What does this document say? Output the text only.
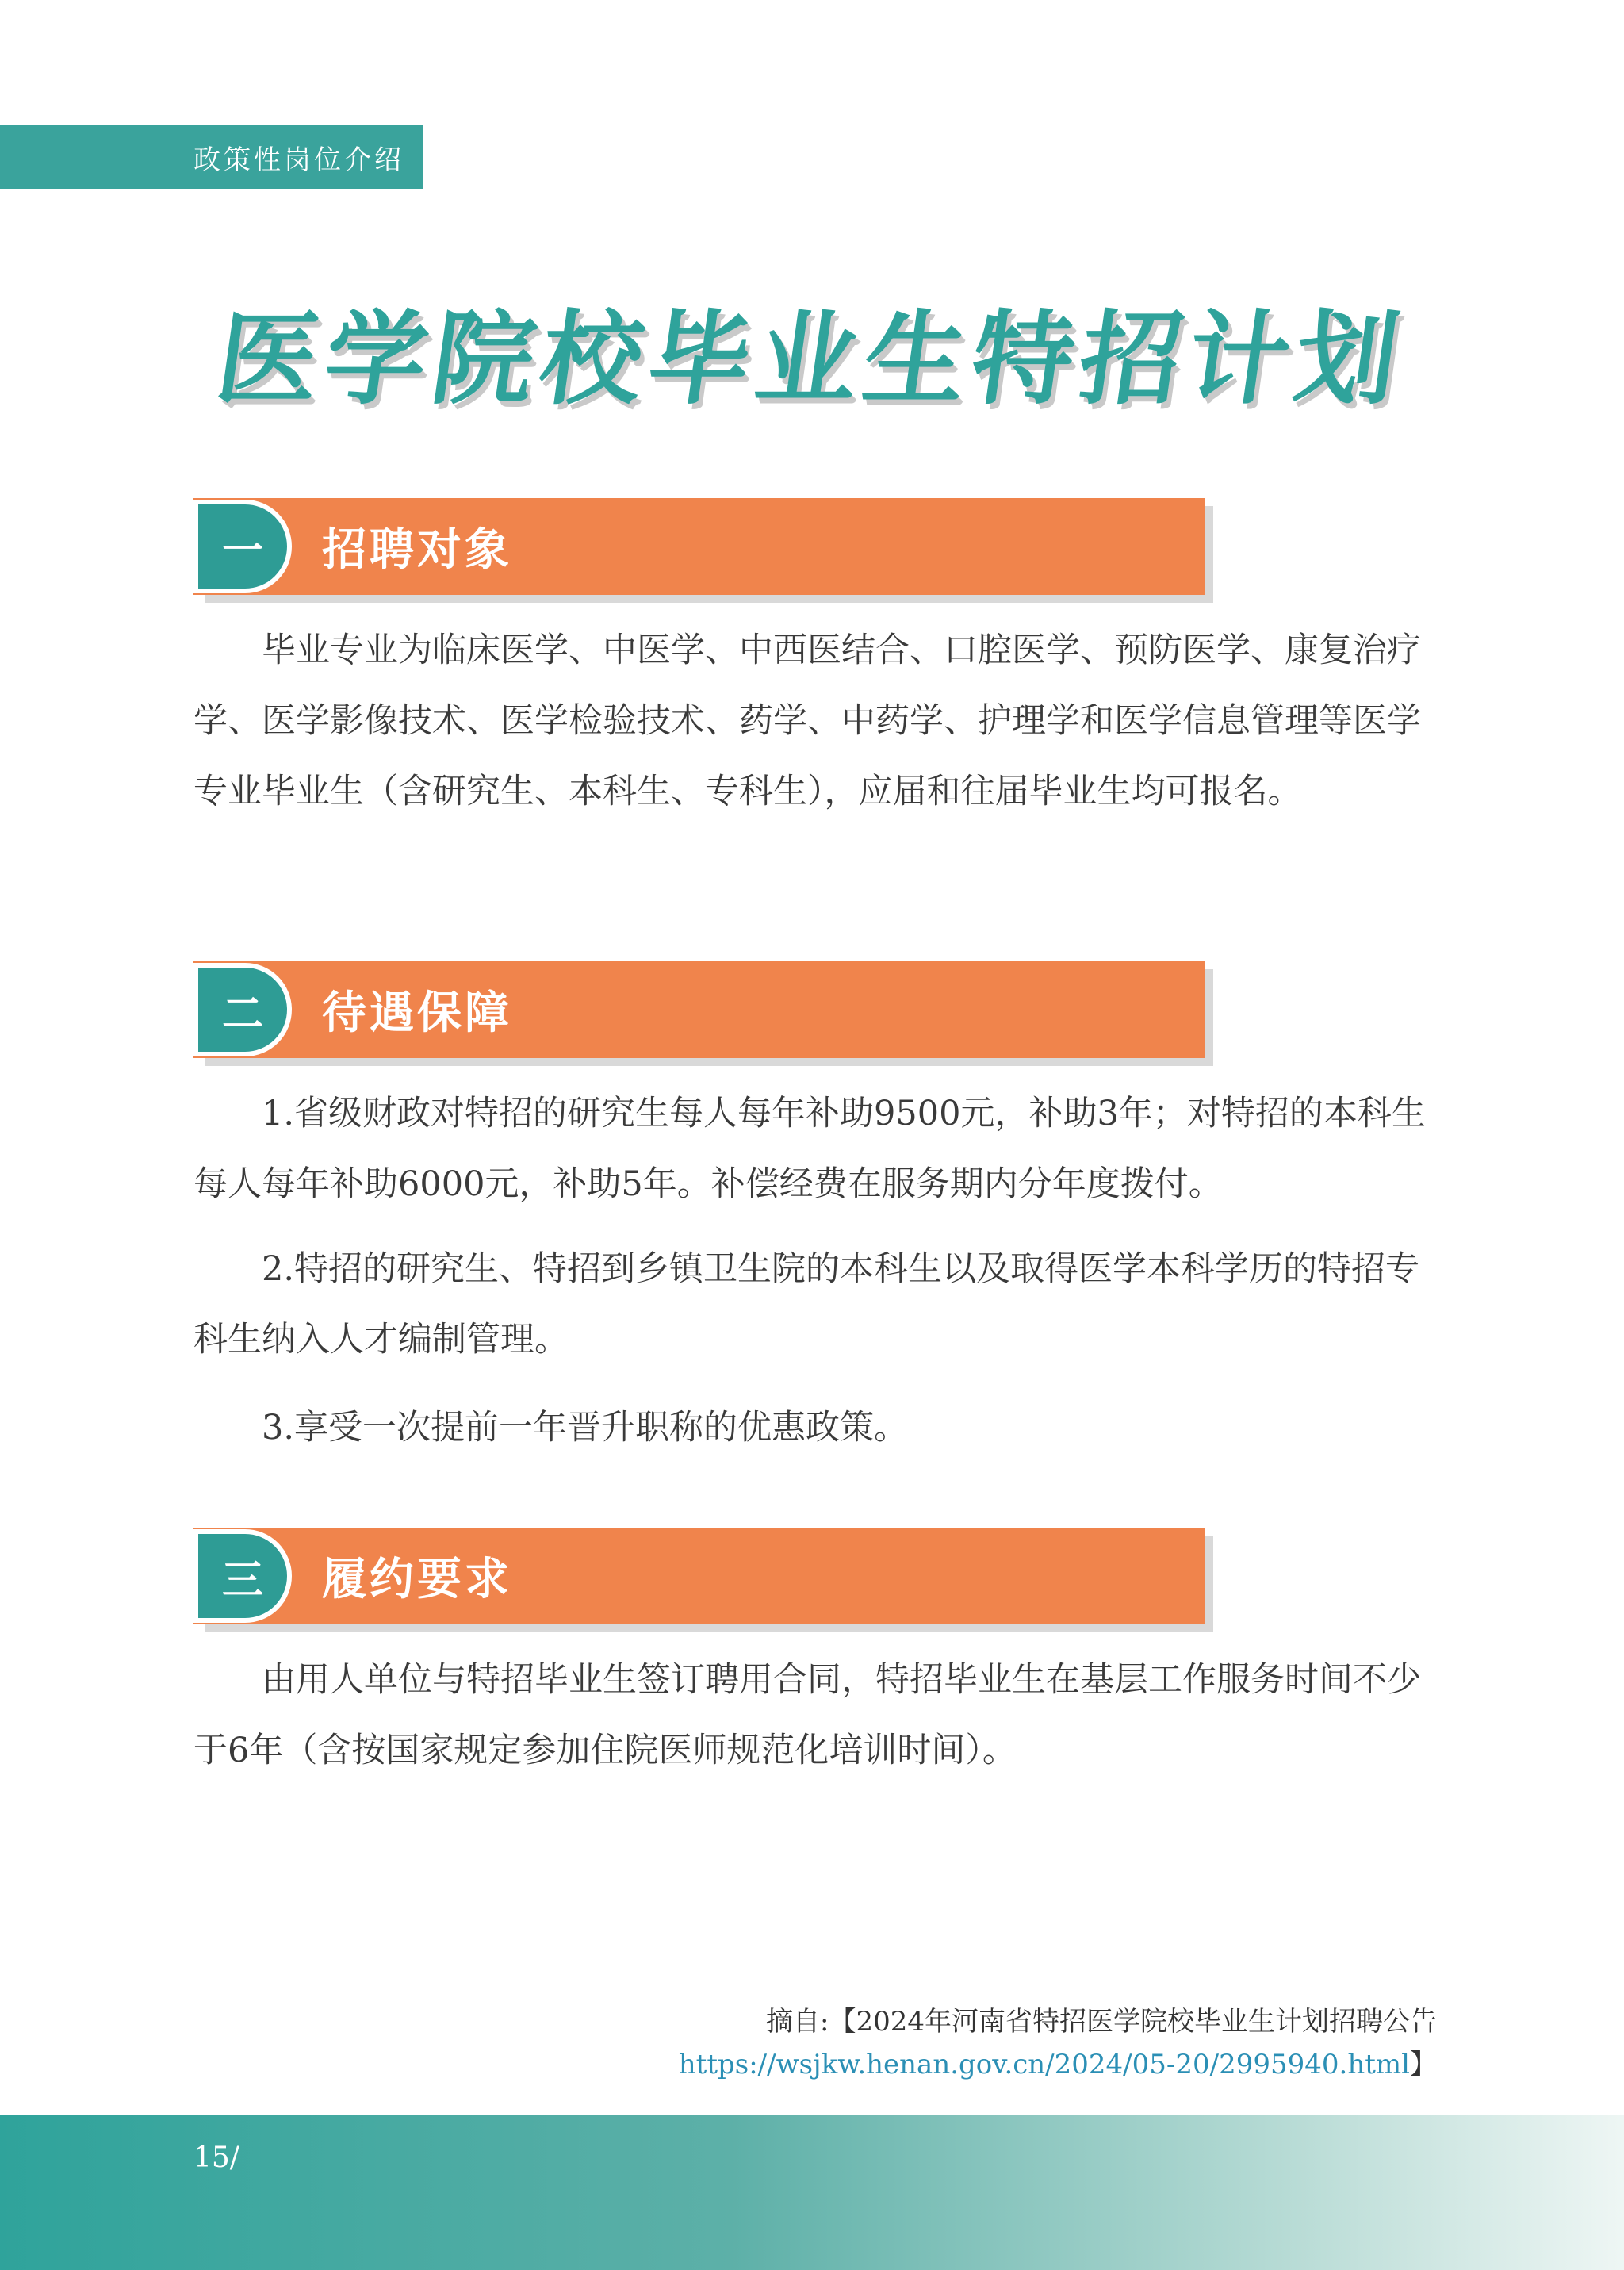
政策性岗位介绍
医学院校毕业生特招计划
一 招聘对象

毕业专业为临床医学、中医学、中西医结合、口腔医学、预防医学、康复治疗学、医学影像技术、医学检验技术、药学、中药学、护理学和医学信息管理等医学专业毕业生（含研究生、本科生、专科生），应届和往届毕业生均可报名。

二 待遇保障

1.省级财政对特招的研究生每人每年补助9500元，补助3年；对特招的本科生每人每年补助6000元，补助5年。补偿经费在服务期内分年度拨付。

2.特招的研究生、特招到乡镇卫生院的本科生以及取得医学本科学历的特招专科生纳入人才编制管理。

3.享受一次提前一年晋升职称的优惠政策。

三 履约要求

由用人单位与特招毕业生签订聘用合同，特招毕业生在基层工作服务时间不少于6年（含按国家规定参加住院医师规范化培训时间）。

摘自:【2024年河南省特招医学院校毕业生计划招聘公告
https://wsjkw.henan.gov.cn/2024/05-20/2995940.html】
15/
